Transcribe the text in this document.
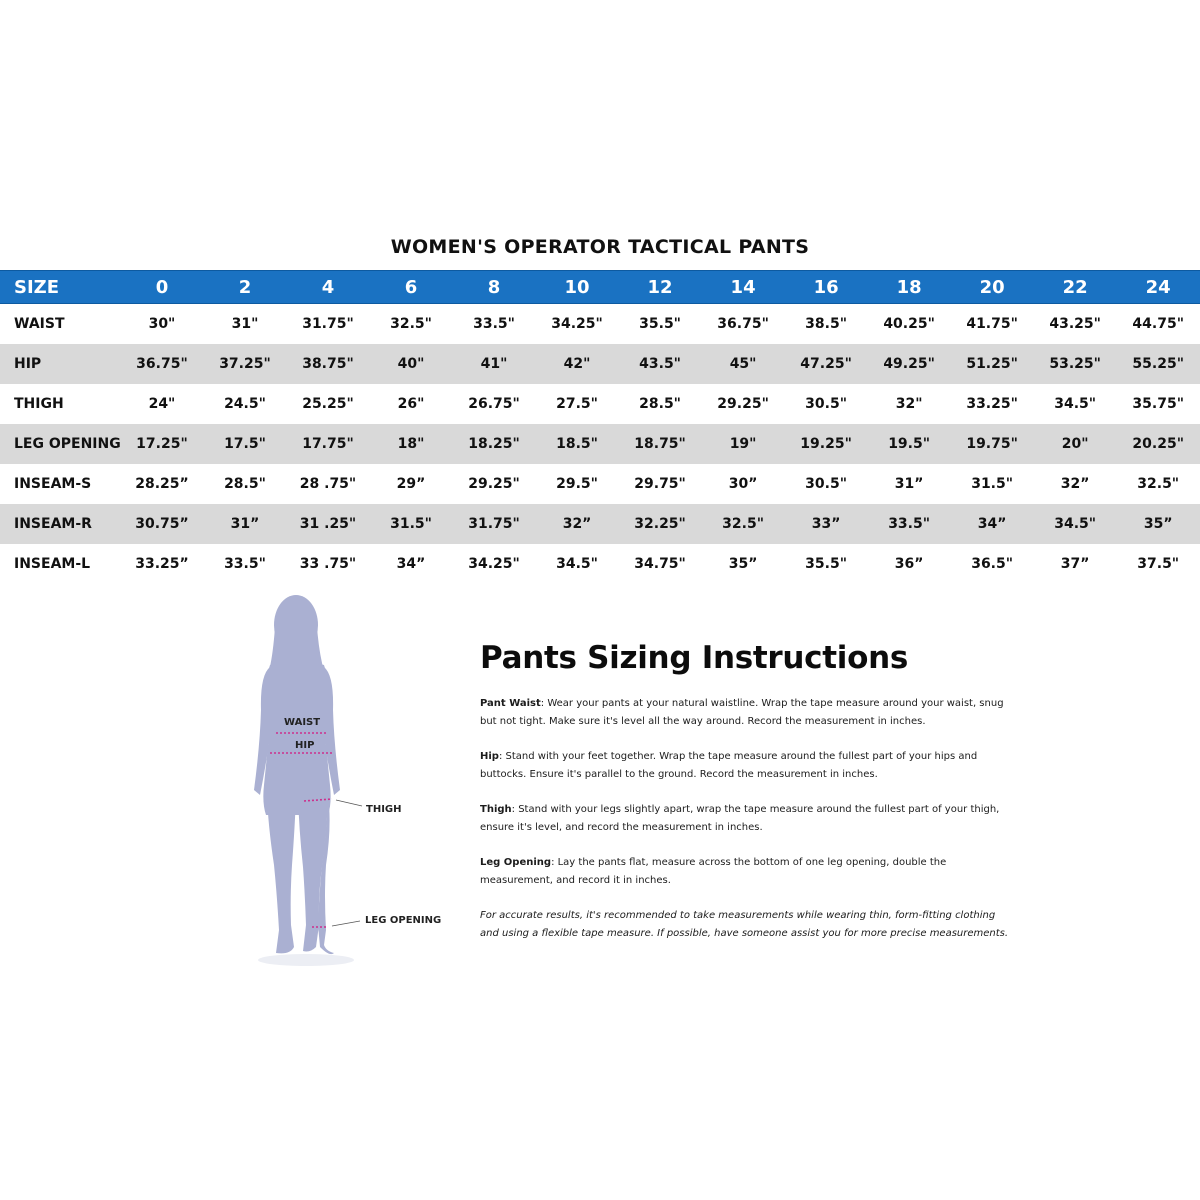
WOMEN'S OPERATOR TACTICAL PANTS
SIZE	0	2	4	6	8	10	12	14	16	18	20	22	24
WAIST	30"	31"	31.75"	32.5"	33.5"	34.25"	35.5"	36.75"	38.5"	40.25"	41.75"	43.25"	44.75"
HIP	36.75"	37.25"	38.75"	40"	41"	42"	43.5"	45"	47.25"	49.25"	51.25"	53.25"	55.25"
THIGH	24"	24.5"	25.25"	26"	26.75"	27.5"	28.5"	29.25"	30.5"	32"	33.25"	34.5"	35.75"
LEG OPENING	17.25"	17.5"	17.75"	18"	18.25"	18.5"	18.75"	19"	19.25"	19.5"	19.75"	20"	20.25"
INSEAM-S	28.25”	28.5"	28 .75"	29”	29.25"	29.5"	29.75"	30”	30.5"	31”	31.5"	32”	32.5"
INSEAM-R	30.75”	31”	31 .25"	31.5"	31.75"	32”	32.25"	32.5"	33”	33.5"	34”	34.5"	35”
INSEAM-L	33.25”	33.5"	33 .75"	34”	34.25"	34.5"	34.75"	35”	35.5"	36”	36.5"	37”	37.5"
WAIST
HIP
THIGH
LEG OPENING
Pants Sizing Instructions

Pant Waist: Wear your pants at your natural waistline. Wrap the tape measure around your waist, snug but not tight. Make sure it's level all the way around. Record the measurement in inches.

Hip: Stand with your feet together. Wrap the tape measure around the fullest part of your hips and buttocks. Ensure it's parallel to the ground. Record the measurement in inches.

Thigh: Stand with your legs slightly apart, wrap the tape measure around the fullest part of your thigh, ensure it's level, and record the measurement in inches.

Leg Opening: Lay the pants flat, measure across the bottom of one leg opening, double the measurement, and record it in inches.

For accurate results, it's recommended to take measurements while wearing thin, form-fitting clothing and using a flexible tape measure. If possible, have someone assist you for more precise measurements.
